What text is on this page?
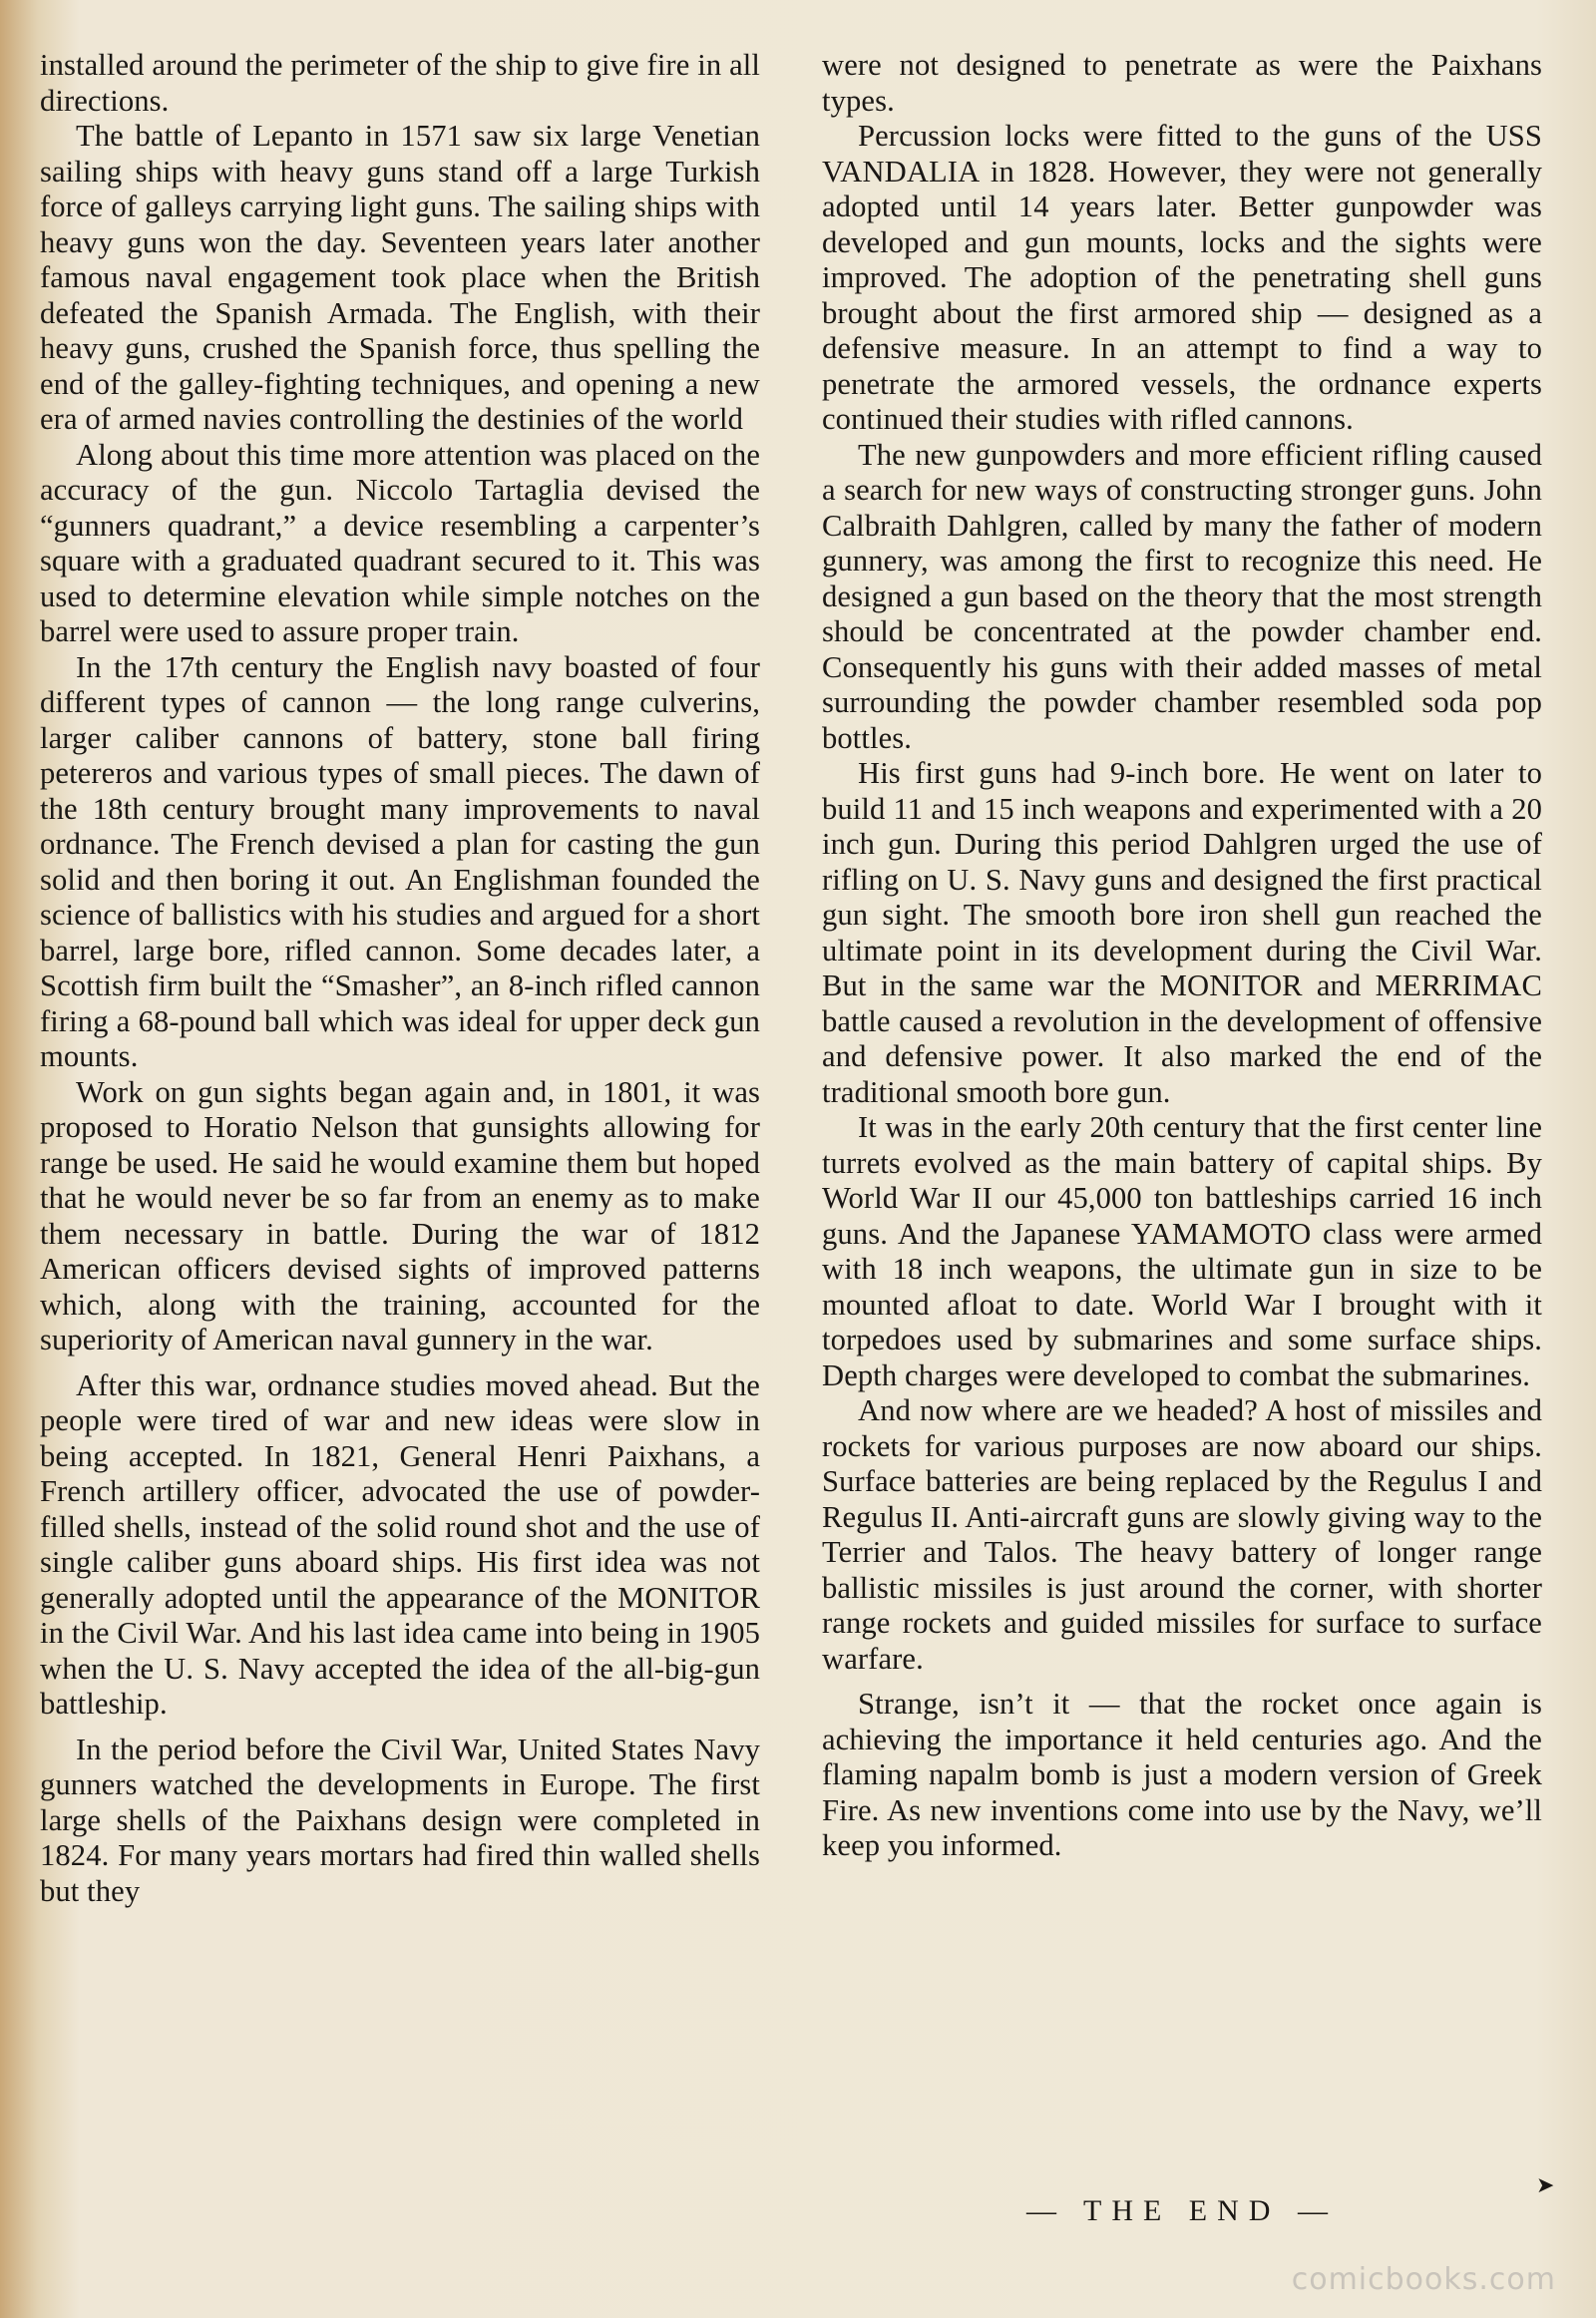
installed around the perimeter of the ship to give fire in all directions.

The battle of Lepanto in 1571 saw six large Venetian sailing ships with heavy guns stand off a large Turkish force of galleys carrying light guns. The sailing ships with heavy guns won the day. Seventeen years later another famous naval engagement took place when the British defeated the Spanish Armada. The English, with their heavy guns, crushed the Spanish force, thus spelling the end of the galley-fighting techniques, and opening a new era of armed navies controlling the destinies of the world

Along about this time more attention was placed on the accuracy of the gun. Niccolo Tartaglia devised the “gunners quadrant,” a device resembling a carpenter’s square with a graduated quadrant secured to it. This was used to determine elevation while simple notches on the barrel were used to assure proper train.

In the 17th century the English navy boasted of four different types of cannon — the long range culverins, larger caliber cannons of battery, stone ball firing petereros and various types of small pieces. The dawn of the 18th century brought many improvements to naval ordnance. The French devised a plan for casting the gun solid and then boring it out. An Englishman founded the science of ballistics with his studies and argued for a short barrel, large bore, rifled cannon. Some decades later, a Scottish firm built the “Smasher”, an 8-inch rifled cannon firing a 68-pound ball which was ideal for upper deck gun mounts.

Work on gun sights began again and, in 1801, it was proposed to Horatio Nelson that gunsights allowing for range be used. He said he would examine them but hoped that he would never be so far from an enemy as to make them necessary in battle. During the war of 1812 American officers devised sights of improved patterns which, along with the training, accounted for the superiority of American naval gunnery in the war.

After this war, ordnance studies moved ahead. But the people were tired of war and new ideas were slow in being accepted. In 1821, General Henri Paixhans, a French artillery officer, advocated the use of powder-filled shells, instead of the solid round shot and the use of single caliber guns aboard ships. His first idea was not generally adopted until the appearance of the MONITOR in the Civil War. And his last idea came into being in 1905 when the U. S. Navy accepted the idea of the all-big-gun battleship.

In the period before the Civil War, United States Navy gunners watched the developments in Europe. The first large shells of the Paixhans design were completed in 1824. For many years mortars had fired thin walled shells but they

were not designed to penetrate as were the Paixhans types.

Percussion locks were fitted to the guns of the USS VANDALIA in 1828. However, they were not generally adopted until 14 years later. Better gunpowder was developed and gun mounts, locks and the sights were improved. The adoption of the penetrating shell guns brought about the first armored ship — designed as a defensive measure. In an attempt to find a way to penetrate the armored vessels, the ordnance experts continued their studies with rifled cannons.

The new gunpowders and more efficient rifling caused a search for new ways of constructing stronger guns. John Calbraith Dahlgren, called by many the father of modern gunnery, was among the first to recognize this need. He designed a gun based on the theory that the most strength should be concentrated at the powder chamber end. Consequently his guns with their added masses of metal surrounding the powder chamber resembled soda pop bottles.

His first guns had 9-inch bore. He went on later to build 11 and 15 inch weapons and experimented with a 20 inch gun. During this period Dahlgren urged the use of rifling on U. S. Navy guns and designed the first practical gun sight. The smooth bore iron shell gun reached the ultimate point in its development during the Civil War. But in the same war the MONITOR and MERRIMAC battle caused a revolution in the development of offensive and defensive power. It also marked the end of the traditional smooth bore gun.

It was in the early 20th century that the first center line turrets evolved as the main battery of capital ships. By World War II our 45,000 ton battleships carried 16 inch guns. And the Japanese YAMAMOTO class were armed with 18 inch weapons, the ultimate gun in size to be mounted afloat to date. World War I brought with it torpedoes used by submarines and some surface ships. Depth charges were developed to combat the submarines.

And now where are we headed? A host of missiles and rockets for various purposes are now aboard our ships. Surface batteries are being replaced by the Regulus I and Regulus II. Anti-aircraft guns are slowly giving way to the Terrier and Talos. The heavy battery of longer range ballistic missiles is just around the corner, with shorter range rockets and guided missiles for surface to surface warfare.

Strange, isn’t it — that the rocket once again is achieving the importance it held centuries ago. And the flaming napalm bomb is just a modern version of Greek Fire. As new inventions come into use by the Navy, we’ll keep you informed.

➤
— THE END —
comicbooks.com
